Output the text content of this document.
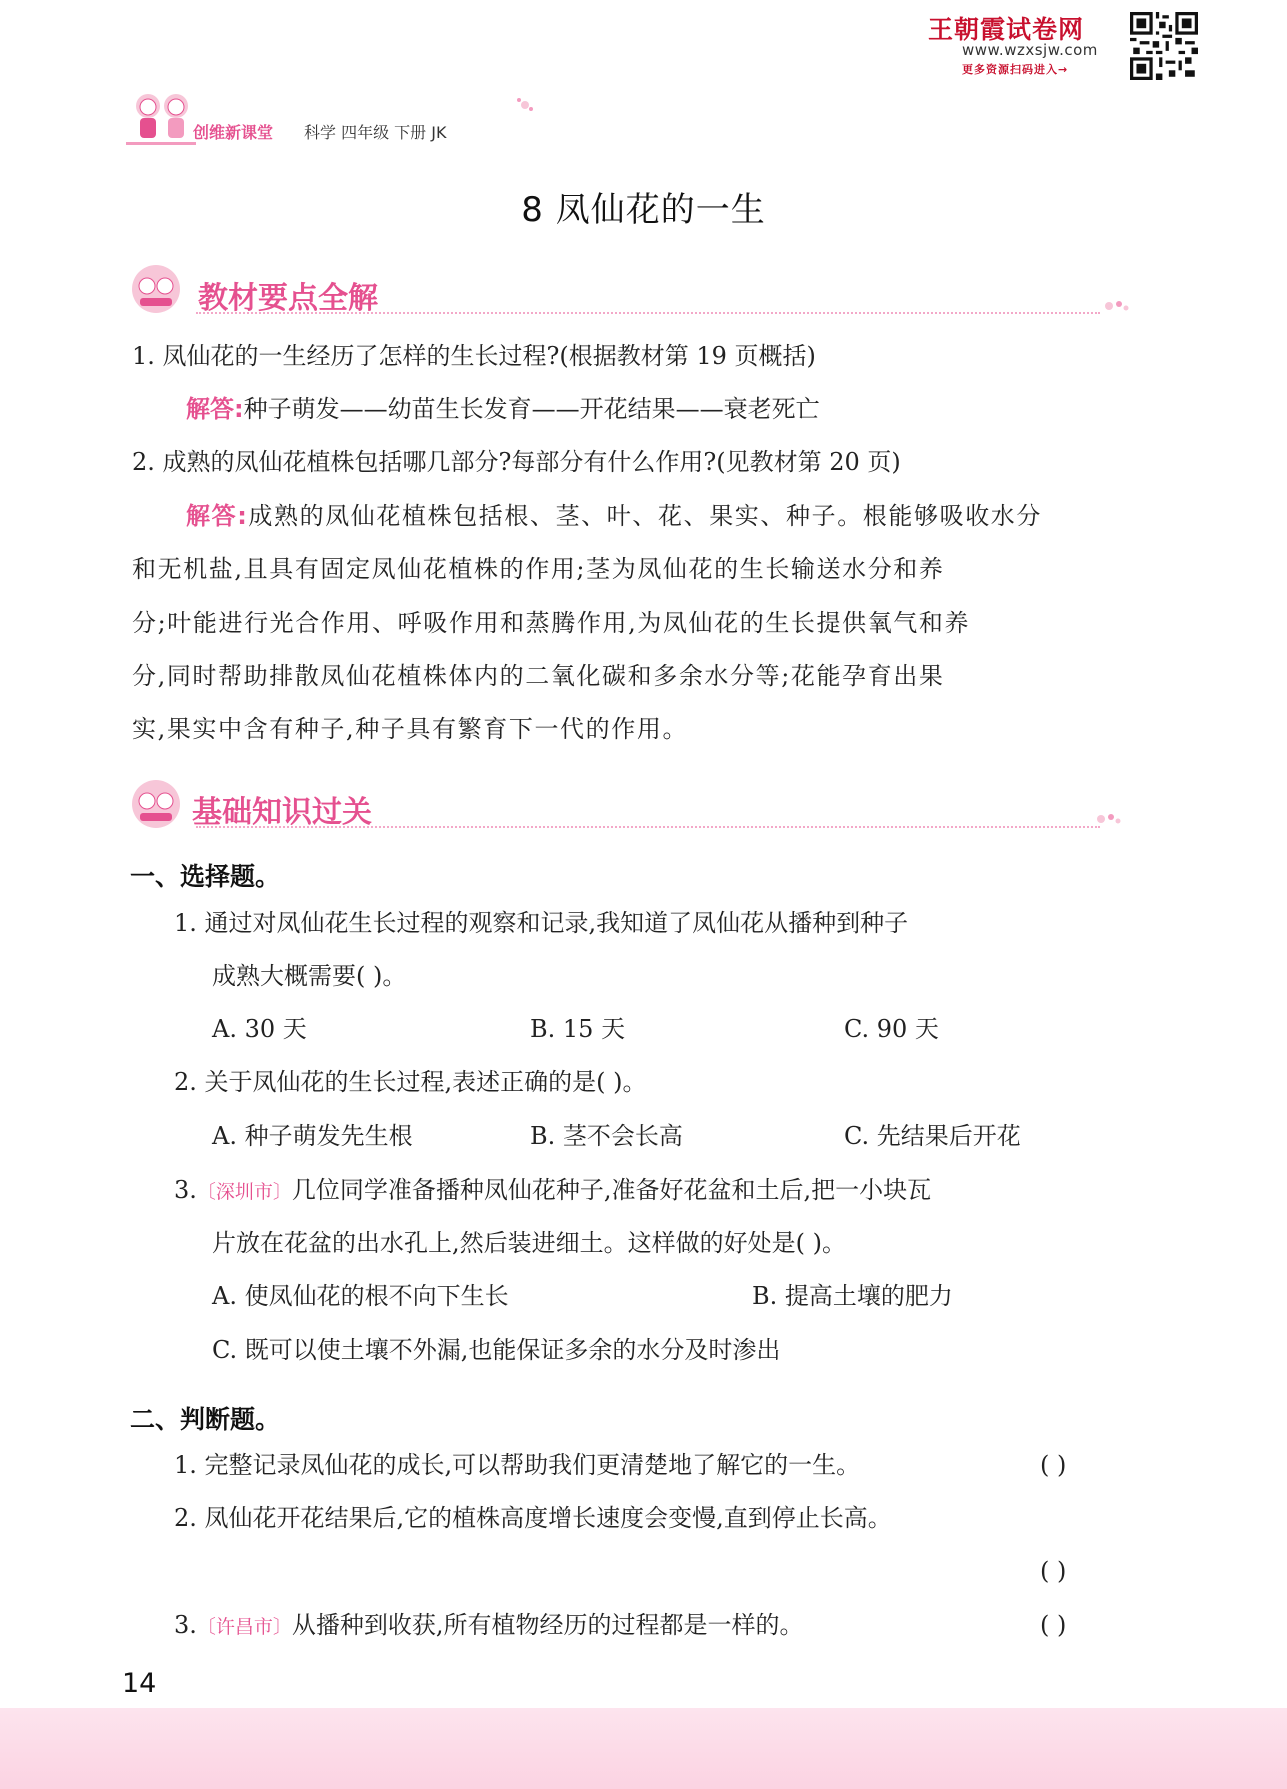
王朝霞试卷网
www.wzxsjw.com
更多资源扫码进入→
创维新课堂 科学 四年级 下册 JK
8 凤仙花的一生
教材要点全解
1. 凤仙花的一生经历了怎样的生长过程?(根据教材第 19 页概括)
解答:种子萌发——幼苗生长发育——开花结果——衰老死亡
2. 成熟的凤仙花植株包括哪几部分?每部分有什么作用?(见教材第 20 页)
解答:成熟的凤仙花植株包括根、茎、叶、花、果实、种子。根能够吸收水分
和无机盐,且具有固定凤仙花植株的作用;茎为凤仙花的生长输送水分和养
分;叶能进行光合作用、呼吸作用和蒸腾作用,为凤仙花的生长提供氧气和养
分,同时帮助排散凤仙花植株体内的二氧化碳和多余水分等;花能孕育出果
实,果实中含有种子,种子具有繁育下一代的作用。
基础知识过关
一、选择题。
1. 通过对凤仙花生长过程的观察和记录,我知道了凤仙花从播种到种子
成熟大概需要( )。
A. 30 天	B. 15 天	C. 90 天
2. 关于凤仙花的生长过程,表述正确的是( )。
A. 种子萌发先生根	B. 茎不会长高	C. 先结果后开花
3.〔深圳市〕几位同学准备播种凤仙花种子,准备好花盆和土后,把一小块瓦
片放在花盆的出水孔上,然后装进细土。这样做的好处是( )。
A. 使凤仙花的根不向下生长	B. 提高土壤的肥力
C. 既可以使土壤不外漏,也能保证多余的水分及时渗出
二、判断题。
1. 完整记录凤仙花的成长,可以帮助我们更清楚地了解它的一生。	( )
2. 凤仙花开花结果后,它的植株高度增长速度会变慢,直到停止长高。
( )
3.〔许昌市〕从播种到收获,所有植物经历的过程都是一样的。	( )
14
